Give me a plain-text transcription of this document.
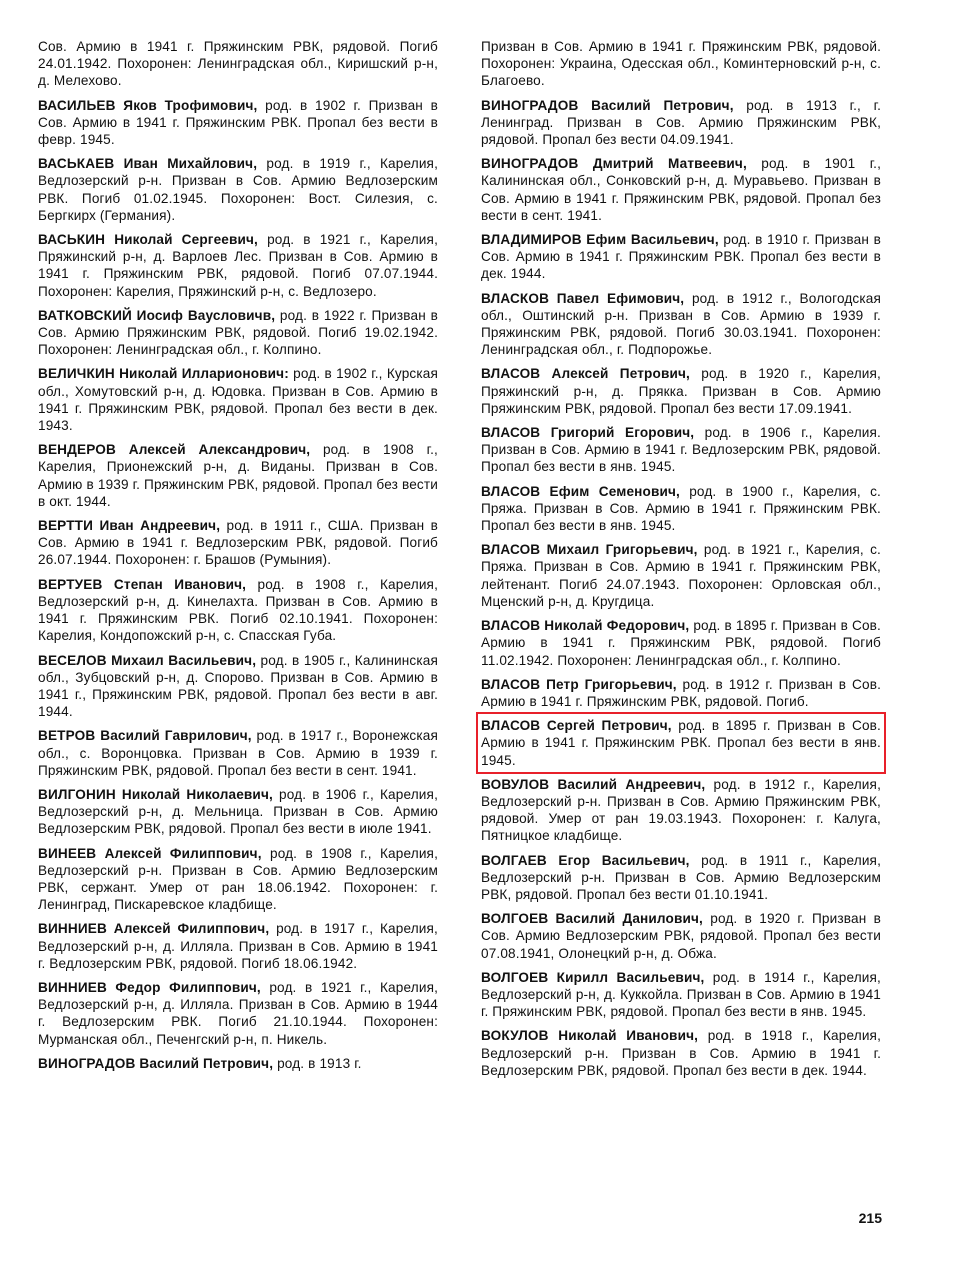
Сов. Армию в 1941 г. Пряжинским РВК, рядовой. Погиб 24.01.1942. Похоронен: Ленинградская обл., Киришский р-н, д. Мелехово.

ВАСИЛЬЕВ Яков Трофимович, род. в 1902 г. Призван в Сов. Армию в 1941 г. Пряжинским РВК. Пропал без вести в февр. 1945.

ВАСЬКАЕВ Иван Михайлович, род. в 1919 г., Карелия, Ведлозерский р-н. Призван в Сов. Армию Ведлозерским РВК. Погиб 01.02.1945. Похоронен: Вост. Силезия, с. Бергкирх (Германия).

ВАСЬКИН Николай Сергеевич, род. в 1921 г., Карелия, Пряжинский р-н, д. Варлоев Лес. Призван в Сов. Армию в 1941 г. Пряжинским РВК, рядовой. Погиб 07.07.1944. Похоронен: Карелия, Пряжинский р-н, с. Ведлозеро.

ВАТКОВСКИЙ Иосиф Ваусловичв, род. в 1922 г. Призван в Сов. Армию Пряжинским РВК, рядовой. Погиб 19.02.1942. Похоронен: Ленинградская обл., г. Колпино.

ВЕЛИЧКИН Николай Илларионович: род. в 1902 г., Курская обл., Хомутовский р-н, д. Юдовка. Призван в Сов. Армию в 1941 г. Пряжинским РВК, рядовой. Пропал без вести в дек. 1943.

ВЕНДЕРОВ Алексей Александрович, род. в 1908 г., Карелия, Прионежский р-н, д. Виданы. Призван в Сов. Армию в 1939 г. Пряжинским РВК, рядовой. Пропал без вести в окт. 1944.

ВЕРТТИ Иван Андреевич, род. в 1911 г., США. Призван в Сов. Армию в 1941 г. Ведлозерским РВК, рядовой. Погиб 26.07.1944. Похоронен: г. Брашов (Румыния).

ВЕРТУЕВ Степан Иванович, род. в 1908 г., Карелия, Ведлозерский р-н, д. Кинелахта. Призван в Сов. Армию в 1941 г. Пряжинским РВК. Погиб 02.10.1941. Похоронен: Карелия, Кондопожский р-н, с. Спасская Губа.

ВЕСЕЛОВ Михаил Васильевич, род. в 1905 г., Калининская обл., Зубцовский р-н, д. Спорово. Призван в Сов. Армию в 1941 г., Пряжинским РВК, рядовой. Пропал без вести в авг. 1944.

ВЕТРОВ Василий Гаврилович, род. в 1917 г., Воронежская обл., с. Воронцовка. Призван в Сов. Армию в 1939 г. Пряжинским РВК, рядовой. Пропал без вести в сент. 1941.

ВИЛГОНИН Николай Николаевич, род. в 1906 г., Карелия, Ведлозерский р-н, д. Мельница. Призван в Сов. Армию Ведлозерским РВК, рядовой. Пропал без вести в июле 1941.

ВИНЕЕВ Алексей Филиппович, род. в 1908 г., Карелия, Ведлозерский р-н. Призван в Сов. Армию Ведлозерским РВК, сержант. Умер от ран 18.06.1942. Похоронен: г. Ленинград, Пискаревское кладбище.

ВИННИЕВ Алексей Филиппович, род. в 1917 г., Карелия, Ведлозерский р-н, д. Илляла. Призван в Сов. Армию в 1941 г. Ведлозерским РВК, рядовой. Погиб 18.06.1942.

ВИННИЕВ Федор Филиппович, род. в 1921 г., Карелия, Ведлозерский р-н, д. Илляла. Призван в Сов. Армию в 1944 г. Ведлозерским РВК. Погиб 21.10.1944. Похоронен: Мурманская обл., Печенгский р-н, п. Никель.

ВИНОГРАДОВ Василий Петрович, род. в 1913 г.

Призван в Сов. Армию в 1941 г. Пряжинским РВК, рядовой. Похоронен: Украина, Одесская обл., Коминтерновский р-н, с. Благоево.

ВИНОГРАДОВ Василий Петрович, род. в 1913 г., г. Ленинград. Призван в Сов. Армию Пряжинским РВК, рядовой. Пропал без вести 04.09.1941.

ВИНОГРАДОВ Дмитрий Матвеевич, род. в 1901 г., Калининская обл., Сонковский р-н, д. Муравьево. Призван в Сов. Армию в 1941 г. Пряжинским РВК, рядовой. Пропал без вести в сент. 1941.

ВЛАДИМИРОВ Ефим Васильевич, род. в 1910 г. Призван в Сов. Армию в 1941 г. Пряжинским РВК. Пропал без вести в дек. 1944.

ВЛАСКОВ Павел Ефимович, род. в 1912 г., Вологодская обл., Оштинский р-н. Призван в Сов. Армию в 1939 г. Пряжинским РВК, рядовой. Погиб 30.03.1941. Похоронен: Ленинградская обл., г. Подпорожье.

ВЛАСОВ Алексей Петрович, род. в 1920 г., Карелия, Пряжинский р-н, д. Прякка. Призван в Сов. Армию Пряжинским РВК, рядовой. Пропал без вести 17.09.1941.

ВЛАСОВ Григорий Егорович, род. в 1906 г., Карелия. Призван в Сов. Армию в 1941 г. Ведлозерским РВК, рядовой. Пропал без вести в янв. 1945.

ВЛАСОВ Ефим Семенович, род. в 1900 г., Карелия, с. Пряжа. Призван в Сов. Армию в 1941 г. Пряжинским РВК. Пропал без вести в янв. 1945.

ВЛАСОВ Михаил Григорьевич, род. в 1921 г., Карелия, с. Пряжа. Призван в Сов. Армию в 1941 г. Пряжинским РВК, лейтенант. Погиб 24.07.1943. Похоронен: Орловская обл., Мценский р-н, д. Кругдица.

ВЛАСОВ Николай Федорович, род. в 1895 г. Призван в Сов. Армию в 1941 г. Пряжинским РВК, рядовой. Погиб 11.02.1942. Похоронен: Ленинградская обл., г. Колпино.

ВЛАСОВ Петр Григорьевич, род. в 1912 г. Призван в Сов. Армию в 1941 г. Пряжинским РВК, рядовой. Погиб.

ВЛАСОВ Сергей Петрович, род. в 1895 г. Призван в Сов. Армию в 1941 г. Пряжинским РВК. Пропал без вести в янв. 1945.

ВОВУЛОВ Василий Андреевич, род. в 1912 г., Карелия, Ведлозерский р-н. Призван в Сов. Армию Пряжинским РВК, рядовой. Умер от ран 19.03.1943. Похоронен: г. Калуга, Пятницкое кладбище.

ВОЛГАЕВ Егор Васильевич, род. в 1911 г., Карелия, Ведлозерский р-н. Призван в Сов. Армию Ведлозерским РВК, рядовой. Пропал без вести 01.10.1941.

ВОЛГОЕВ Василий Данилович, род. в 1920 г. Призван в Сов. Армию Ведлозерским РВК, рядовой. Пропал без вести 07.08.1941, Олонецкий р-н, д. Обжа.

ВОЛГОЕВ Кирилл Васильевич, род. в 1914 г., Карелия, Ведлозерский р-н, д. Куккойла. Призван в Сов. Армию в 1941 г. Пряжинским РВК, рядовой. Пропал без вести в янв. 1945.

ВОКУЛОВ Николай Иванович, род. в 1918 г., Карелия, Ведлозерский р-н. Призван в Сов. Армию в 1941 г. Ведлозерским РВК, рядовой. Пропал без вести в дек. 1944.

215
